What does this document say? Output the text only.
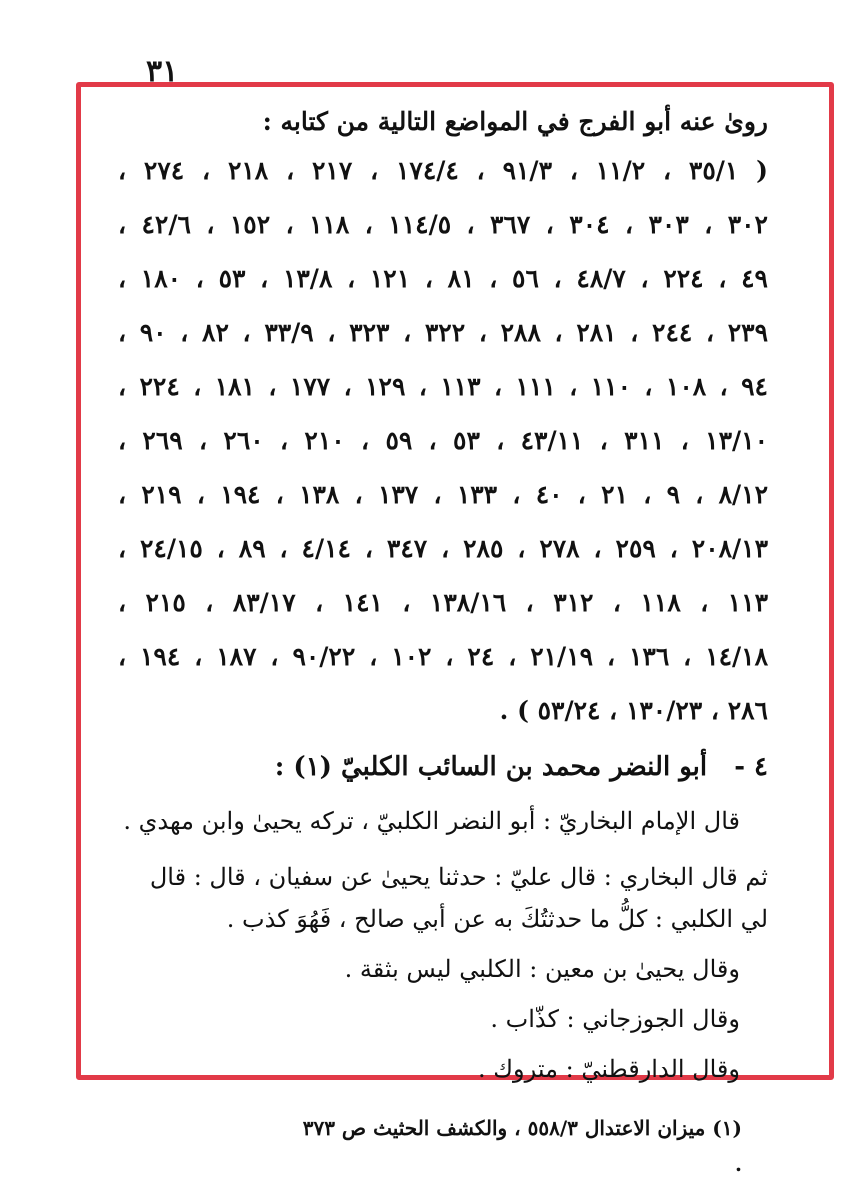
٣١
روىٰ عنه أبو الفرج في المواضع التالية من كتابه :
( ٣٥/١ ، ١١/٢ ، ٩١/٣ ، ١٧٤/٤ ، ٢١٧ ، ٢١٨ ، ٢٧٤ ،
٣٠٢ ، ٣٠٣ ، ٣٠٤ ، ٣٦٧ ، ١١٤/٥ ، ١١٨ ، ١٥٢ ، ٤٢/٦ ،
٤٩ ، ٢٢٤ ، ٤٨/٧ ، ٥٦ ، ٨١ ، ١٢١ ، ١٣/٨ ، ٥٣ ، ١٨٠ ،
٢٣٩ ، ٢٤٤ ، ٢٨١ ، ٢٨٨ ، ٣٢٢ ، ٣٢٣ ، ٣٣/٩ ، ٨٢ ، ٩٠ ،
٩٤ ، ١٠٨ ، ١١٠ ، ١١١ ، ١١٣ ، ١٢٩ ، ١٧٧ ، ١٨١ ، ٢٢٤ ،
١٣/١٠ ، ٣١١ ، ٤٣/١١ ، ٥٣ ، ٥٩ ، ٢١٠ ، ٢٦٠ ، ٢٦٩ ،
٨/١٢ ، ٩ ، ٢١ ، ٤٠ ، ١٣٣ ، ١٣٧ ، ١٣٨ ، ١٩٤ ، ٢١٩ ،
٢٠٨/١٣ ، ٢٥٩ ، ٢٧٨ ، ٢٨٥ ، ٣٤٧ ، ٤/١٤ ، ٨٩ ، ٢٤/١٥ ،
١١٣ ، ١١٨ ، ٣١٢ ، ١٣٨/١٦ ، ١٤١ ، ٨٣/١٧ ، ٢١٥ ،
١٤/١٨ ، ١٣٦ ، ٢١/١٩ ، ٢٤ ، ١٠٢ ، ٩٠/٢٢ ، ١٨٧ ، ١٩٤ ،
٢٨٦ ، ١٣٠/٢٣ ، ٥٣/٢٤ ) .
٤ - أبو النضر محمد بن السائب الكلبيّ (١) :

قال الإمام البخاريّ : أبو النضر الكلبيّ ، تركه يحيىٰ وابن مهدي .

ثم قال البخاري : قال عليّ : حدثنا يحيىٰ عن سفيان ، قال : قال لي الكلبي : كلُّ ما حدثتُكَ به عن أبي صالح ، فَهُوَ كذب .

وقال يحيىٰ بن معين : الكلبي ليس بثقة .

وقال الجوزجاني : كذّاب .

وقال الدارقطنيّ : متروك .

(١) ميزان الاعتدال ٥٥٨/٣ ، والكشف الحثيث ص ٣٧٣ .
